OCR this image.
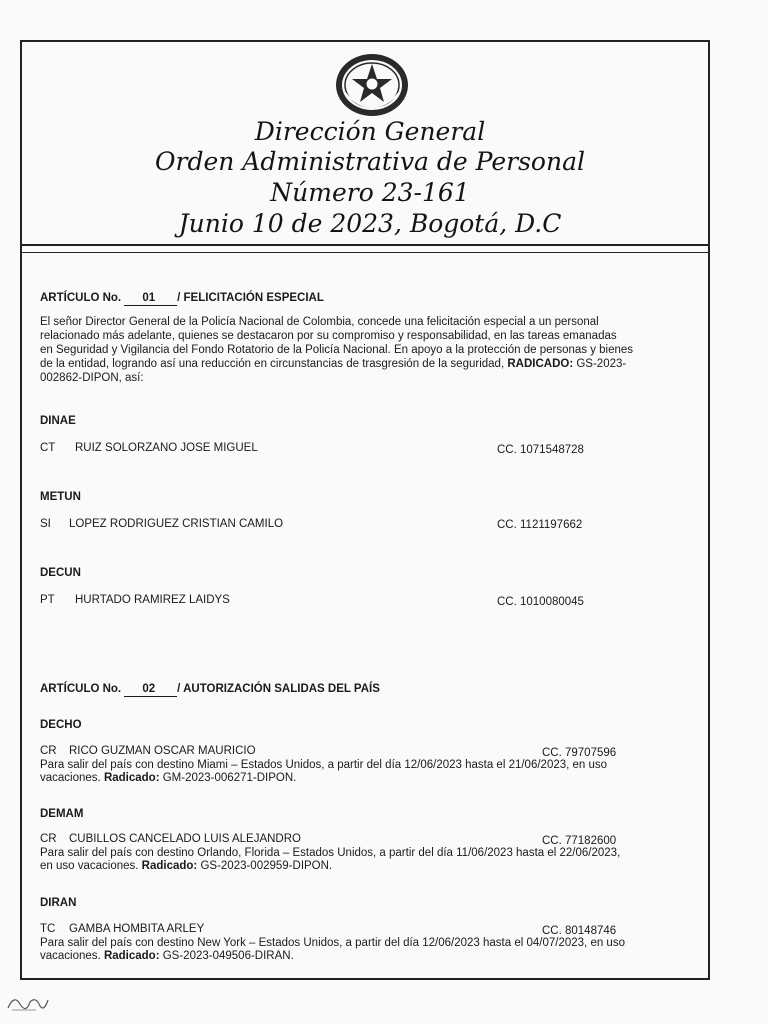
Dirección General
Orden Administrativa de Personal
Número 23-161
Junio 10 de 2023, Bogotá, D.C
ARTÍCULO No. 01 / FELICITACIÓN ESPECIAL
El señor Director General de la Policía Nacional de Colombia, concede una felicitación especial a un personal
relacionado más adelante, quienes se destacaron por su compromiso y responsabilidad, en las tareas emanadas
en Seguridad y Vigilancia del Fondo Rotatorio de la Policía Nacional. En apoyo a la protección de personas y bienes
de la entidad, logrando así una reducción en circunstancias de trasgresión de la seguridad, RADICADO: GS-2023-
002862-DIPON, así:
DINAE
CT RUIZ SOLORZANO JOSE MIGUEL	CC. 1071548728
METUN
SI LOPEZ RODRIGUEZ CRISTIAN CAMILO	CC. 1121197662
DECUN
PT HURTADO RAMIREZ LAIDYS	CC. 1010080045
ARTÍCULO No. 02 / AUTORIZACIÓN SALIDAS DEL PAÍS
DECHO
CR RICO GUZMAN OSCAR MAURICIO	CC. 79707596
Para salir del país con destino Miami – Estados Unidos, a partir del día 12/06/2023 hasta el 21/06/2023, en uso
vacaciones. Radicado: GM-2023-006271-DIPON.
DEMAM
CR CUBILLOS CANCELADO LUIS ALEJANDRO	CC. 77182600
Para salir del país con destino Orlando, Florida – Estados Unidos, a partir del día 11/06/2023 hasta el 22/06/2023,
en uso vacaciones. Radicado: GS-2023-002959-DIPON.
DIRAN
TC GAMBA HOMBITA ARLEY	CC. 80148746
Para salir del país con destino New York – Estados Unidos, a partir del día 12/06/2023 hasta el 04/07/2023, en uso
vacaciones. Radicado: GS-2023-049506-DIRAN.
